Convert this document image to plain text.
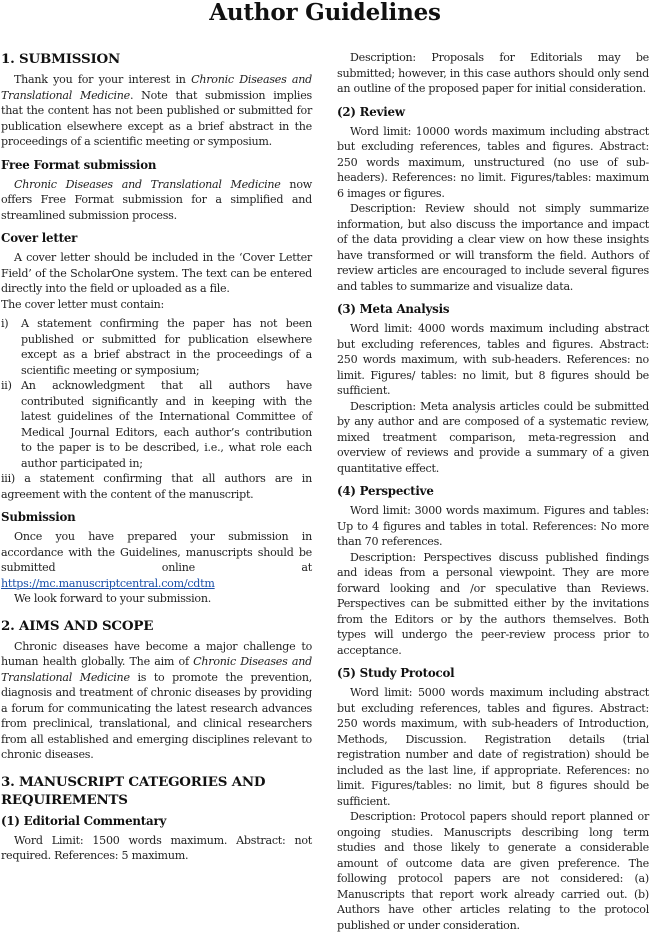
Author Guidelines
1. SUBMISSION

Thank you for your interest in Chronic Diseases and Translational Medicine. Note that submission implies that the content has not been published or submitted for publication elsewhere except as a brief abstract in the proceedings of a scientific meeting or symposium.

Free Format submission

Chronic Diseases and Translational Medicine now offers Free Format submission for a simplified and streamlined submission process.

Cover letter

A cover letter should be included in the ‘Cover Letter Field’ of the ScholarOne system. The text can be entered directly into the field or uploaded as a file.

The cover letter must contain:

i) A statement confirming the paper has not been published or submitted for publication elsewhere except as a brief abstract in the proceedings of a scientific meeting or symposium;
ii) An acknowledgment that all authors have contributed significantly and in keeping with the latest guidelines of the International Committee of Medical Journal Editors, each author’s contribution to the paper is to be described, i.e., what role each author participated in;

iii) a statement confirming that all authors are in agreement with the content of the manuscript.

Submission

Once you have prepared your submission in accordance with the Guidelines, manuscripts should be submitted online at https://mc.manuscriptcentral.com/cdtm

We look forward to your submission.

2. AIMS AND SCOPE

Chronic diseases have become a major challenge to human health globally. The aim of Chronic Diseases and Translational Medicine is to promote the prevention, diagnosis and treatment of chronic diseases by providing a forum for communicating the latest research advances from preclinical, translational, and clinical researchers from all established and emerging disciplines relevant to chronic diseases.

3. MANUSCRIPT CATEGORIES AND REQUIREMENTS
(1) Editorial Commentary

Word Limit: 1500 words maximum. Abstract: not required. References: 5 maximum.

Description: Proposals for Editorials may be submitted; however, in this case authors should only send an outline of the proposed paper for initial consideration.

(2) Review

Word limit: 10000 words maximum including abstract but excluding references, tables and figures. Abstract: 250 words maximum, unstructured (no use of sub-headers). References: no limit. Figures/tables: maximum 6 images or figures.

Description: Review should not simply summarize information, but also discuss the importance and impact of the data providing a clear view on how these insights have transformed or will transform the field. Authors of review articles are encouraged to include several figures and tables to summarize and visualize data.

(3) Meta Analysis

Word limit: 4000 words maximum including abstract but excluding references, tables and figures. Abstract: 250 words maximum, with sub-headers. References: no limit. Figures/ tables: no limit, but 8 figures should be sufficient.

Description: Meta analysis articles could be submitted by any author and are composed of a systematic review, mixed treatment comparison, meta-regression and overview of reviews and provide a summary of a given quantitative effect.

(4) Perspective

Word limit: 3000 words maximum. Figures and tables: Up to 4 figures and tables in total. References: No more than 70 references.

Description: Perspectives discuss published findings and ideas from a personal viewpoint. They are more forward looking and /or speculative than Reviews. Perspectives can be submitted either by the invitations from the Editors or by the authors themselves. Both types will undergo the peer-review process prior to acceptance.

(5) Study Protocol

Word limit: 5000 words maximum including abstract but excluding references, tables and figures. Abstract: 250 words maximum, with sub-headers of Introduction, Methods, Discussion. Registration details (trial registration number and date of registration) should be included as the last line, if appropriate. References: no limit. Figures/tables: no limit, but 8 figures should be sufficient.

Description: Protocol papers should report planned or ongoing studies. Manuscripts describing long term studies and those likely to generate a considerable amount of outcome data are given preference. The following protocol papers are not considered: (a) Manuscripts that report work already carried out. (b) Authors have other articles relating to the protocol published or under consideration.
